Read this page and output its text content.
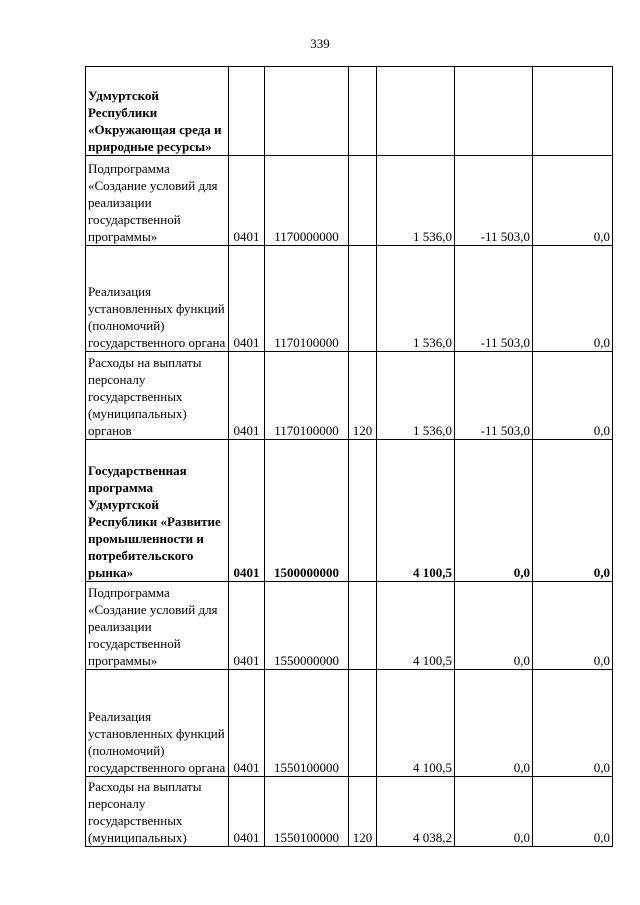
339
Удмуртской Республики «Окружающая среда и природные ресурсы»						
Подпрограмма «Создание условий для реализации государственной программы»	0401	1170000000		1 536,0	-11 503,0	0,0
Реализация установленных функций (полномочий) государственного органа	0401	1170100000		1 536,0	-11 503,0	0,0
Расходы на выплаты персоналу государственных (муниципальных) органов	0401	1170100000	120	1 536,0	-11 503,0	0,0
Государственная программа Удмуртской Республики «Развитие промышленности и потребительского рынка»	0401	1500000000		4 100,5	0,0	0,0
Подпрограмма «Создание условий для реализации государственной программы»	0401	1550000000		4 100,5	0,0	0,0
Реализация установленных функций (полномочий) государственного органа	0401	1550100000		4 100,5	0,0	0,0
Расходы на выплаты персоналу государственных (муниципальных)	0401	1550100000	120	4 038,2	0,0	0,0
